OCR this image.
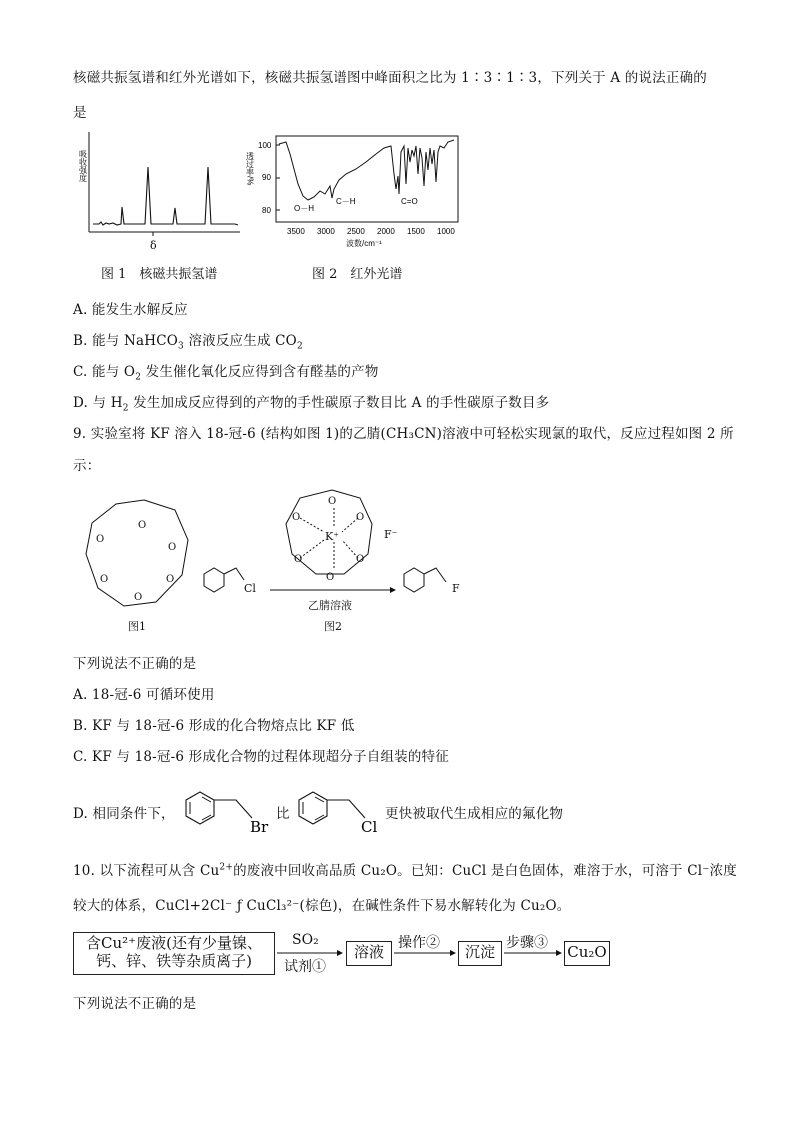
核磁共振氢谱和红外光谱如下，核磁共振氢谱图中峰面积之比为 1∶3∶1∶3，下列关于 A 的说法正确的
是
吸收强度
δ
图 1　核磁共振氢谱
透过率/%
100
90
80	O－H
C－H	C=O
3500 3000 2500 2000 1500 1000
波数/cm⁻¹
图 2　红外光谱
A. 能发生水解反应
B. 能与 NaHCO$_3$ 溶液反应生成 $CO_2$
C. 能与 $O_2$ 发生催化氧化反应得到含有醛基的产物
D. 与 $H_2$ 发生加成反应得到的产物的手性碳原子数目比 A 的手性碳原子数目多
9. 实验室将 KF 溶入 18-冠-6 (结构如图 1)的乙腈(CH₃CN)溶液中可轻松实现氯的取代，反应过程如图 2 所
示：
O
O
O
O
O
O
图1
Cl
K⁺	F⁻
O
O
O
O
O
O
乙腈溶液
图2
F
下列说法不正确的是
A. 18-冠-6 可循环使用
B. KF 与 18-冠-6 形成的化合物熔点比 KF 低
C. KF 与 18-冠-6 形成化合物的过程体现超分子自组装的特征
D. 相同条件下，
Br
比
Cl
更快被取代生成相应的氟化物
10. 以下流程可从含 $Cu^{2+}$的废液中回收高品质 Cu₂O。已知：CuCl 是白色固体，难溶于水，可溶于 Cl⁻浓度
较大的体系，CuCl+2Cl⁻ ƒ CuCl₃²⁻(棕色)，在碱性条件下易水解转化为 Cu₂O。
含Cu²⁺废液(还有少量镍、
钙、锌、铁等杂质离子)
SO₂
试剂①
溶液	操作②	沉淀 步骤③ Cu₂O
下列说法不正确的是
